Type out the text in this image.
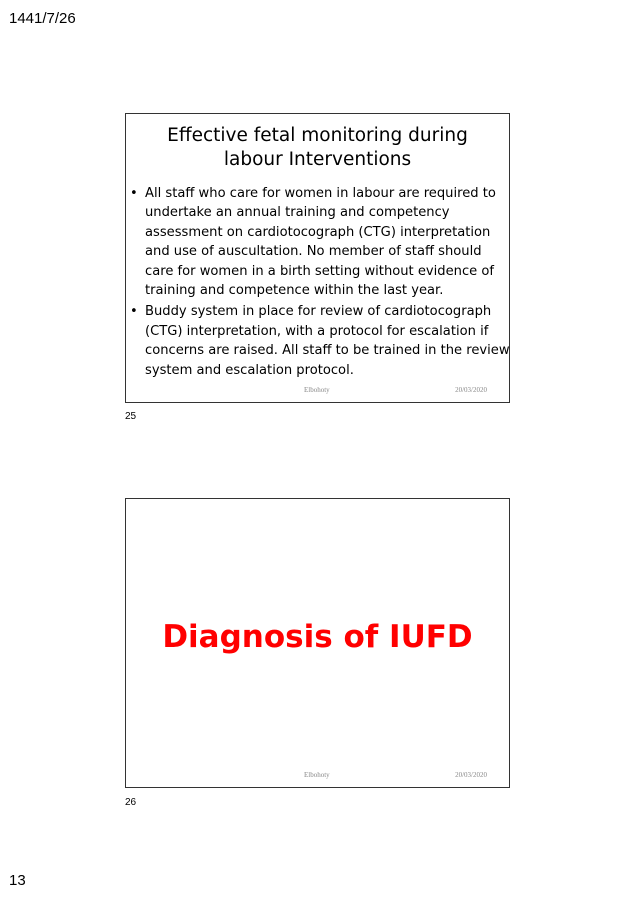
1441/7/26
Effective fetal monitoring during
labour Interventions
• All staff who care for women in labour are required to
undertake an annual training and competency
assessment on cardiotocograph (CTG) interpretation
and use of auscultation. No member of staff should
care for women in a birth setting without evidence of
training and competence within the last year.
• Buddy system in place for review of cardiotocograph
(CTG) interpretation, with a protocol for escalation if
concerns are raised. All staff to be trained in the review
system and escalation protocol.
Elbohoty	20/03/2020
25
Diagnosis of IUFD
Elbohoty	20/03/2020
26
13
